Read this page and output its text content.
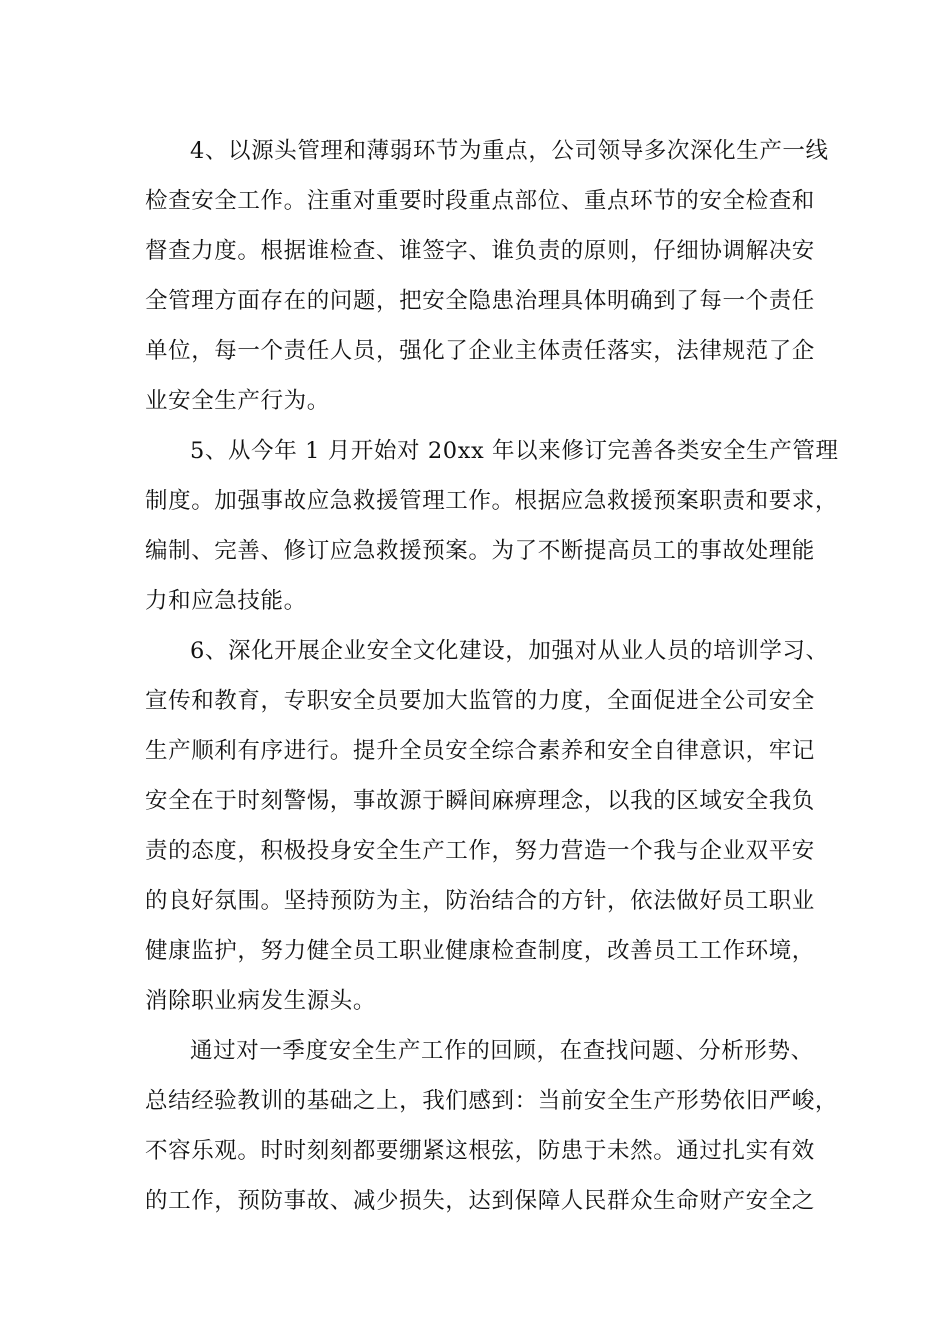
4、以源头管理和薄弱环节为重点，公司领导多次深化生产一线
检查安全工作。注重对重要时段重点部位、重点环节的安全检查和
督查力度。根据谁检查、谁签字、谁负责的原则，仔细协调解决安
全管理方面存在的问题，把安全隐患治理具体明确到了每一个责任
单位，每一个责任人员，强化了企业主体责任落实，法律规范了企
业安全生产行为。
5、从今年 1 月开始对 20xx 年以来修订完善各类安全生产管理
制度。加强事故应急救援管理工作。根据应急救援预案职责和要求，
编制、完善、修订应急救援预案。为了不断提高员工的事故处理能
力和应急技能。
6、深化开展企业安全文化建设，加强对从业人员的培训学习、
宣传和教育，专职安全员要加大监管的力度，全面促进全公司安全
生产顺利有序进行。提升全员安全综合素养和安全自律意识，牢记
安全在于时刻警惕，事故源于瞬间麻痹理念，以我的区域安全我负
责的态度，积极投身安全生产工作，努力营造一个我与企业双平安
的良好氛围。坚持预防为主，防治结合的方针，依法做好员工职业
健康监护，努力健全员工职业健康检查制度，改善员工工作环境，
消除职业病发生源头。
通过对一季度安全生产工作的回顾，在查找问题、分析形势、
总结经验教训的基础之上，我们感到：当前安全生产形势依旧严峻，
不容乐观。时时刻刻都要绷紧这根弦，防患于未然。通过扎实有效
的工作，预防事故、减少损失，达到保障人民群众生命财产安全之
